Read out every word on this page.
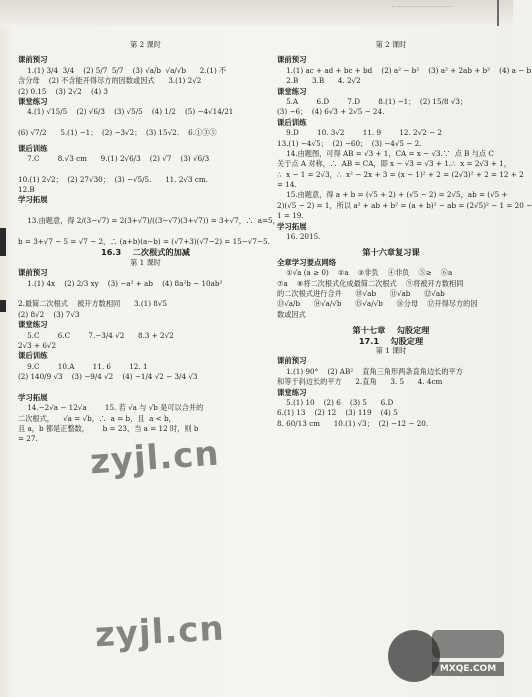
第 2 课时
课前预习
1.(1) 3/4  3/4    (2) 5/7  5/7    (3) √a/b  √a/√b      2.(1) 不
含分母    (2) 不含能开得尽方的因数或因式      3.(1) 2√2
(2) 0.15    (3) 2√2    (4) 3
课堂练习
4.(1) √15/5    (2) √6/3    (3) √5/5    (4) 1/2    (5) −4√14/21
(6) √7/2      5.(1) −1；  (2) −3√2；  (3) 15√2.    6.①③⑤
课后训练
7.C        8.√3 cm      9.(1) 2√6/3    (2) √7    (3) √6/3
10.(1) 2√2；  (2) 27√30；  (3) −√5/5.      11. 2√3 cm.
12.B
学习拓展
13.由题意，得 2/(3−√7) = 2(3+√7)/((3−√7)(3+√7)) = 3+√7，∴  a=5，
b = 3+√7 − 5 = √7 − 2，∴ (a+b)(a−b) = (√7+3)(√7−2) = 15−√7−5.
16.3    二次根式的加减
第 1 课时
课前预习
1.(1) 4x    (2) 2/3 xy    (3) −a² + ab    (4) 8a²b − 10ab²
2.最简二次根式    被开方数相同      3.(1) 8√5
(2) 8√2    (3) 7√3
课堂练习
5.C        6.C        7.−3/4 √2      8.3 + 2√2
2√3 + 6√2
课后训练
9.C        10.A        11. 6        12. 1
(2) 140/9 √3    (3) −9/4 √2    (4) −1/4 √2 − 3/4 √3
学习拓展
14.−2√a − 12√a        15. 若 √a 与 √b 是可以合并的
二次根式，    √a = √b，∴  a = b，且  a < b，
且 a，b 都是正整数，      b = 23，当 a = 12 时，则 b
= 27.
第 2 课时
课前预习
1.(1) ac + ad + bc + bd    (2) a² − b²    (3) a² + 2ab + b²    (4) a − b
2.B      3.B      4. 2√2
课堂练习
5.A        6.D        7.D        8.(1) −1；  (2) 15/8 √3；
(3) −6；  (4) 6√3 + 2√5 − 24.
课后训练
9.D        10. 3√2        11. 9        12. 2√2 − 2
13.(1) −4√5；  (2) −60；  (3) −4√5 − 2.
14.由题图，可得 AB = √3 + 1，CA = x − √3.∵  点 B 与点 C
关于点 A 对称，∴  AB = CA，即 x − √3 = √3 + 1.∴  x = 2√3 + 1，
∴  x − 1 = 2√3，∴  x² − 2x + 3 = (x − 1)² + 2 = (2√3)² + 2 = 12 + 2
= 14.
15.由题意，得 a + b = (√5 + 2) + (√5 − 2) = 2√5，ab = (√5 +
2)(√5 − 2) = 1，所以 a² + ab + b² = (a + b)² − ab = (2√5)² − 1 = 20 −
1 = 19.
学习拓展
16. 2015.
第十六章复习课
全章学习要点网络
①√a (a ≥ 0)    ②a    ③非负    ④非负    ⑤≥    ⑥a
⑦a    ⑧将二次根式化成最简二次根式    ⑨将被开方数相同
的二次根式进行合并      ⑩√ab      ⑪√ab      ⑫√ab
⑬√a/b      ⑭√a/√b      ⑮√a/√b      ⑯分母    ⑰开得尽方的因
数或因式
第十七章    勾股定理
17.1    勾股定理
第 1 课时
课前预习
1.(1) 90°    (2) AB²    直角三角形两条直角边长的平方
和等于斜边长的平方      2.直角      3. 5      4. 4cm
课堂练习
5.(1) 10    (2) 6    (3) 5      6.D
6.(1) 13    (2) 12    (3) 119    (4) 5
8. 60/13 cm      10.(1) √3；  (2) −12 − 20.
zyjl.cn
zyjl.cn
MXQE.COM
